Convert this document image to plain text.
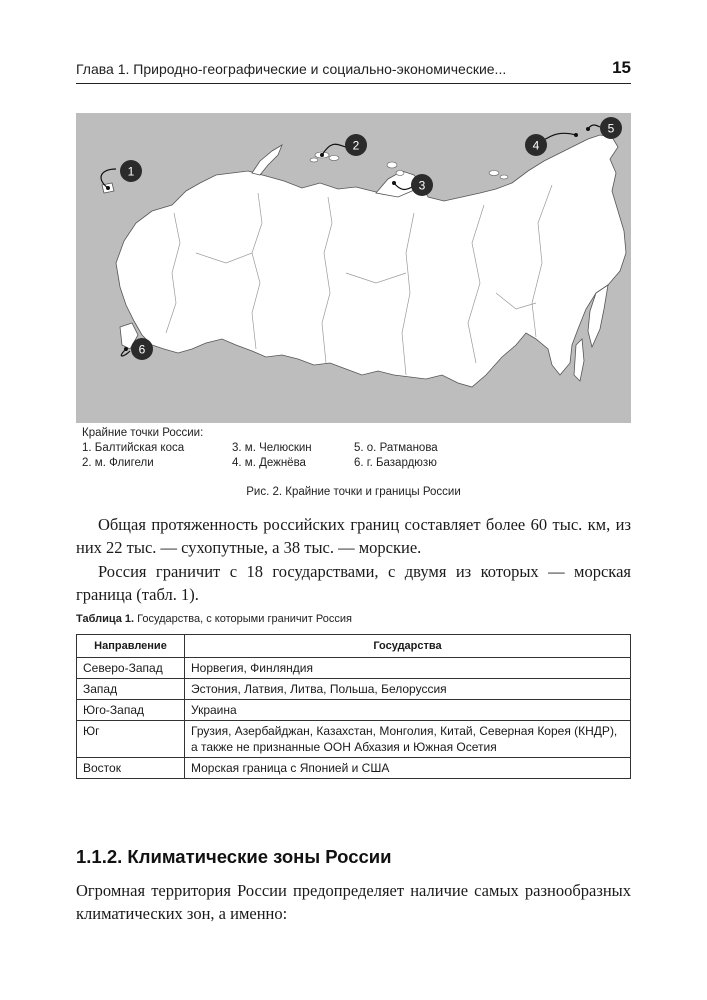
Глава 1. Природно-географические и социально-экономические...	15
1
2
3
4
5
6
Крайние точки России:
1. Балтийская коса	3. м. Челюскин	5. о. Ратманова
2. м. Флигели	4. м. Дежнёва	6. г. Базардюзю
Рис. 2. Крайние точки и границы России

Общая протяженность российских границ составляет более 60 тыс. км, из них 22 тыс. — сухопутные, а 38 тыс. — морские.

Россия граничит с 18 государствами, с двумя из которых — морская граница (табл. 1).

Таблица 1. Государства, с которыми граничит Россия
Направление	Государства
Северо-Запад	Норвегия, Финляндия
Запад	Эстония, Латвия, Литва, Польша, Белоруссия
Юго-Запад	Украина
Юг	Грузия, Азербайджан, Казахстан, Монголия, Китай, Северная Корея (КНДР), а также не признанные ООН Абхазия и Южная Осетия
Восток	Морская граница с Японией и США
1.1.2. Климатические зоны России

Огромная территория России предопределяет наличие самых разнообразных климатических зон, а именно:
